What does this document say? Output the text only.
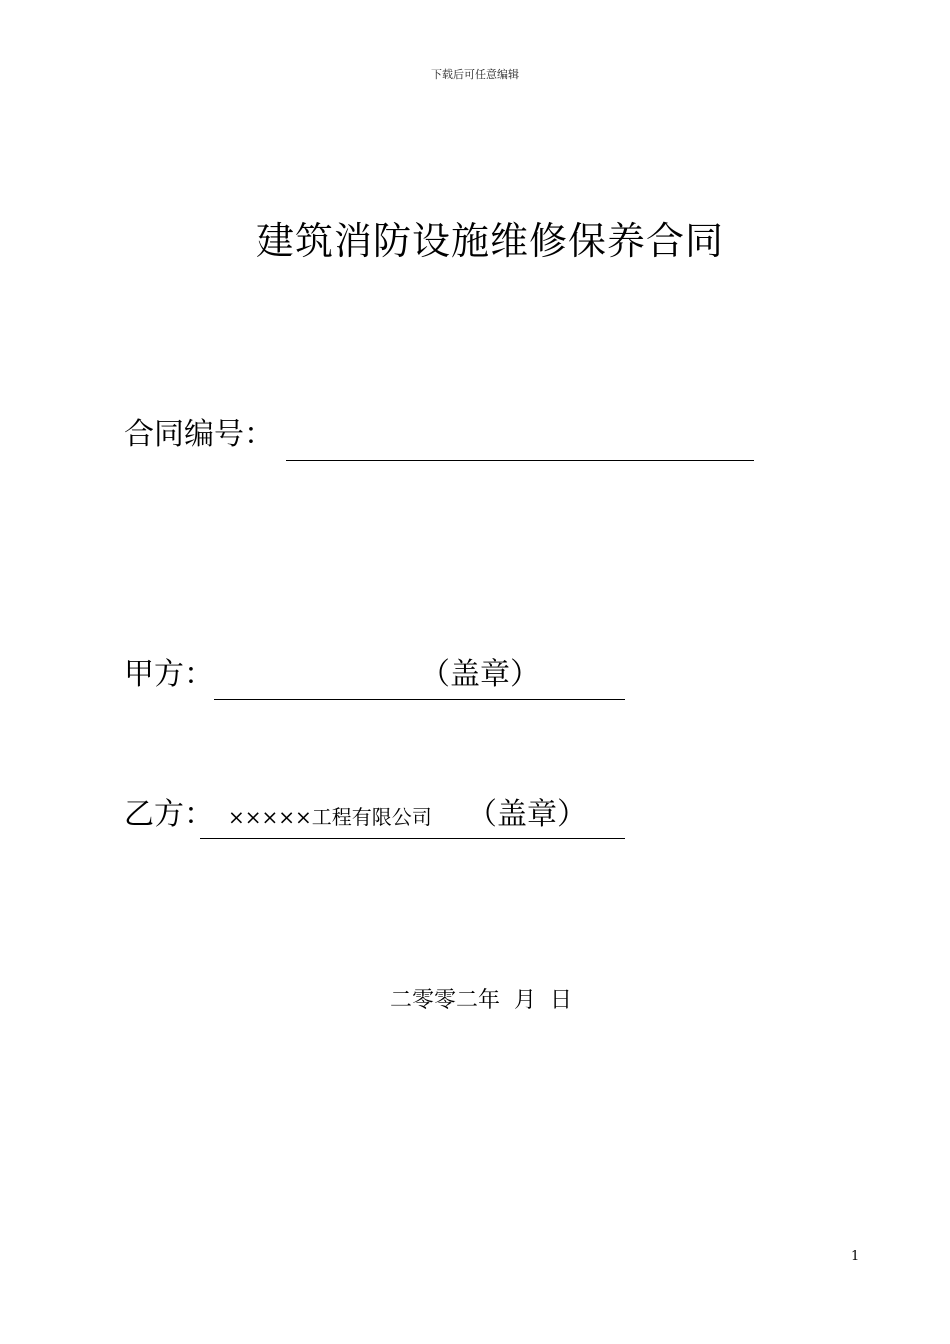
下载后可任意编辑
建筑消防设施维修保养合同
合同编号：
甲方：	（盖章）
乙方： ×××××工程有限公司 （盖章）
二零零二年  月  日
1
